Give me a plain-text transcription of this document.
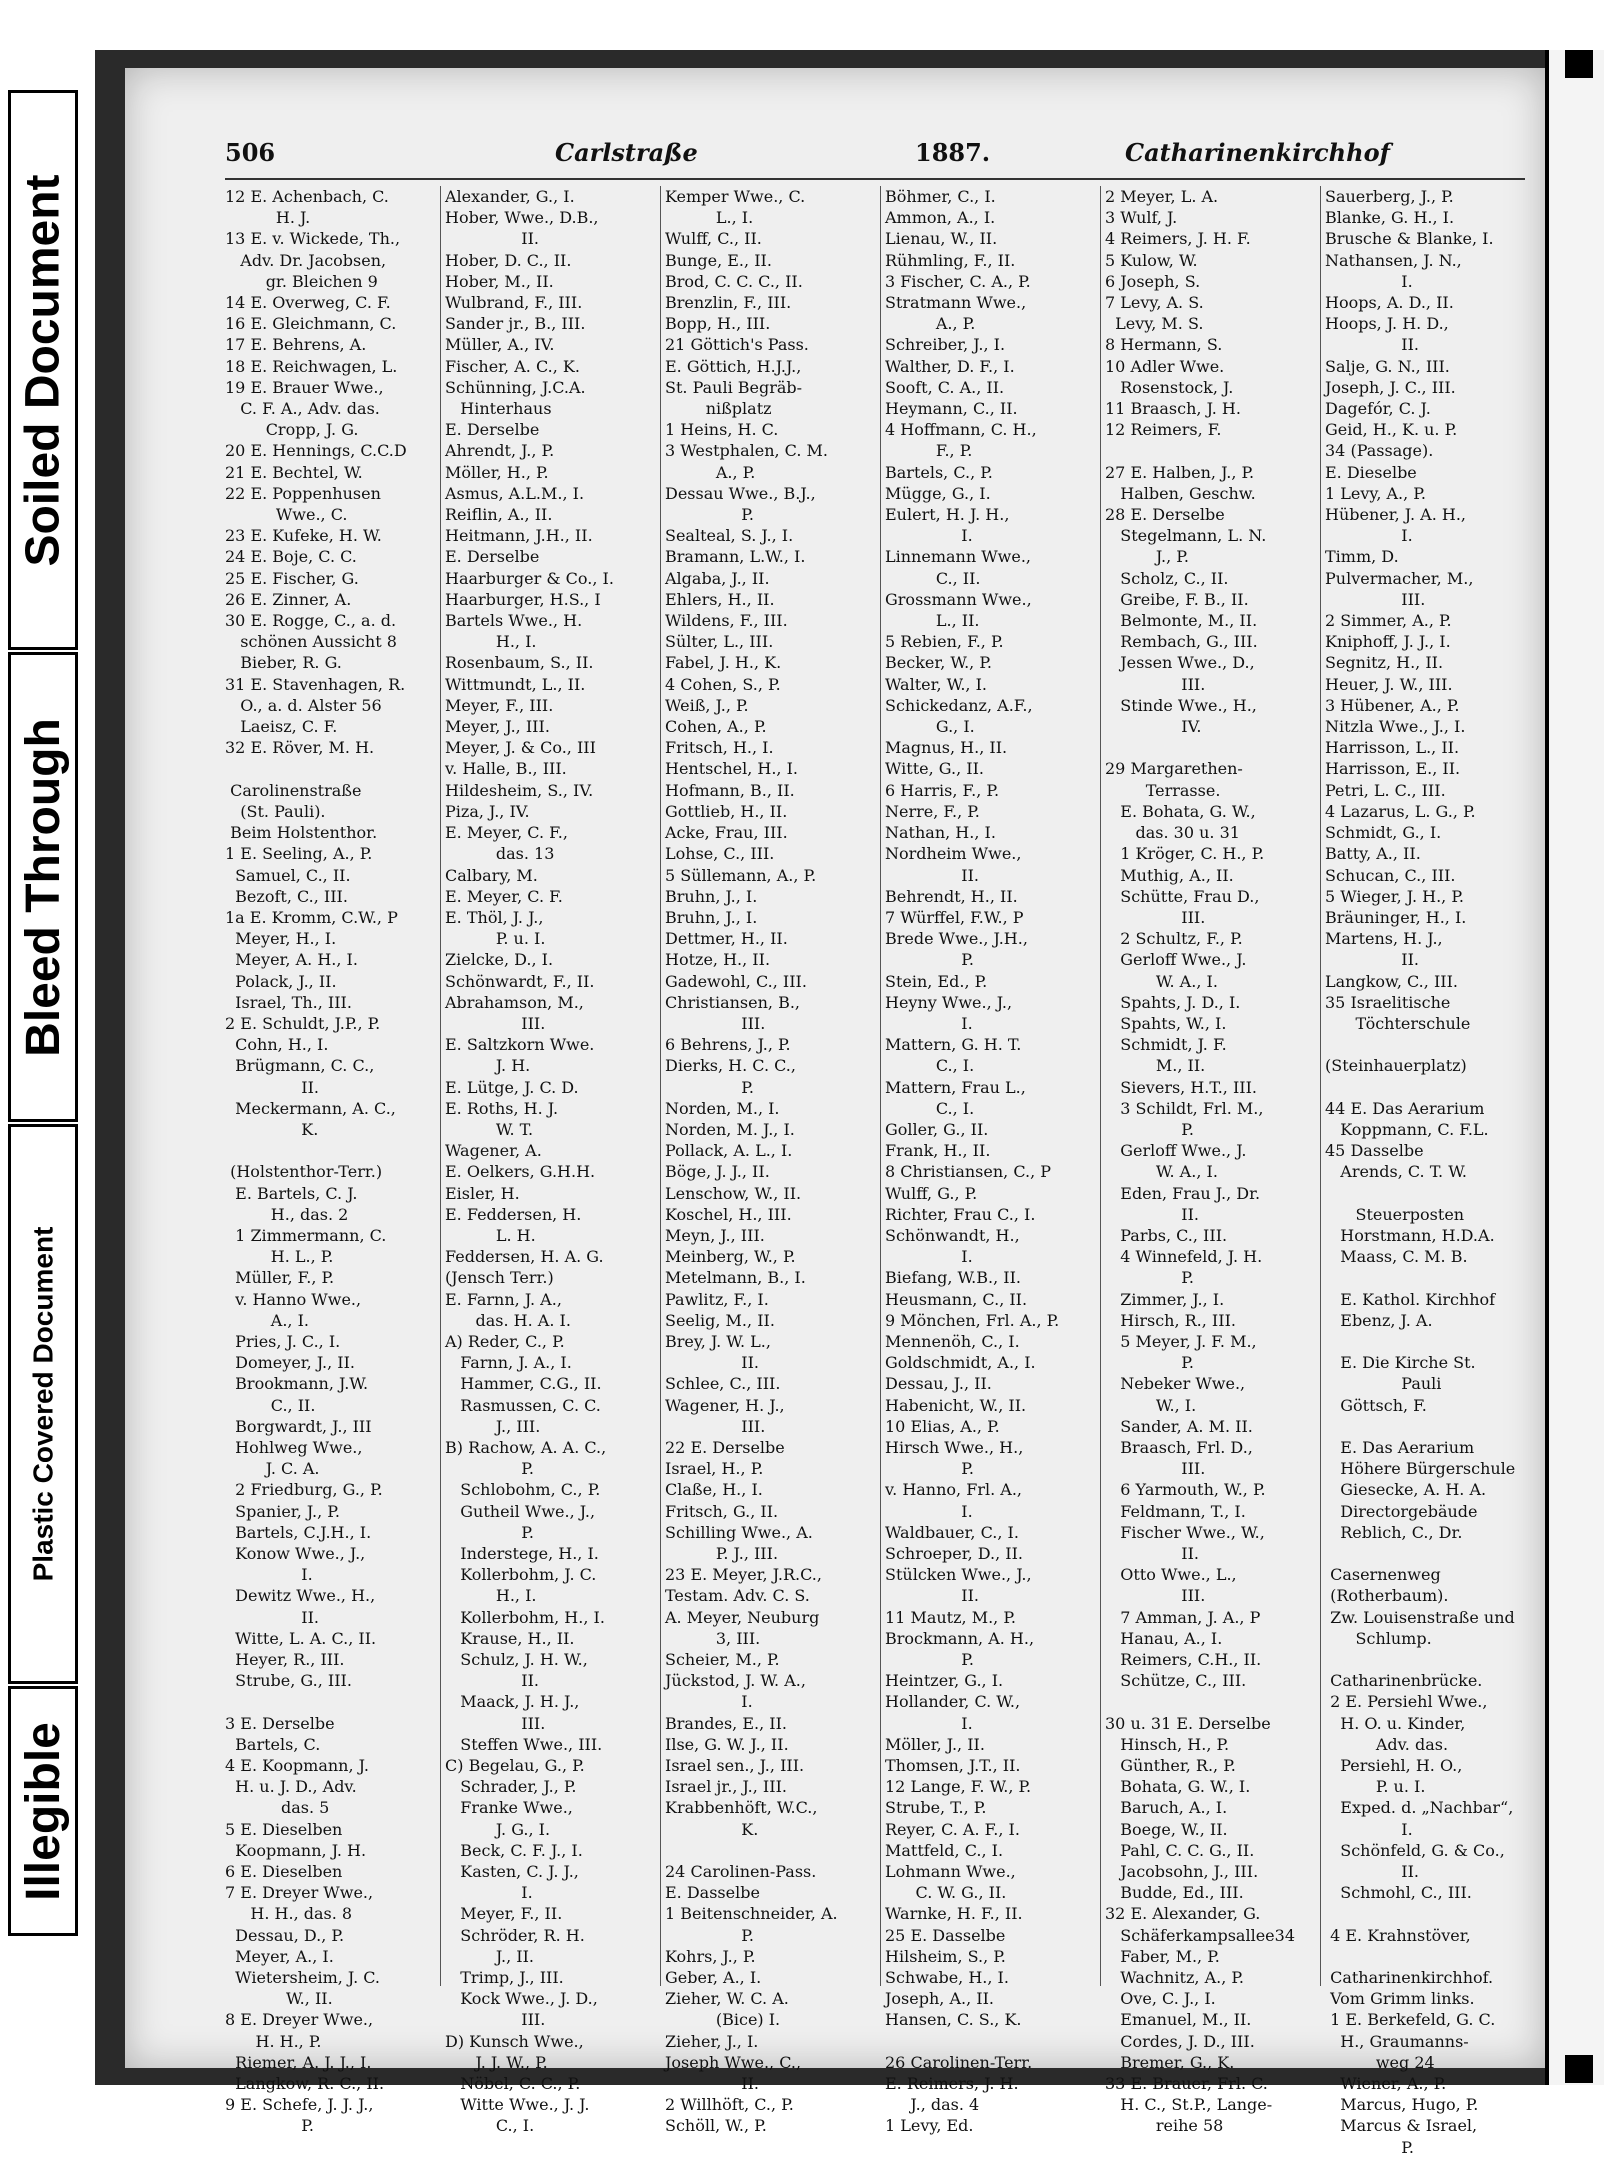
Soiled Document
Bleed Through
Plastic Covered Document
Illegible
506	Carlstraße	1887.	Catharinenkirchhof
12 E. Achenbach, C.
H. J.
13 E. v. Wickede, Th.,
Adv. Dr. Jacobsen,
gr. Bleichen 9
14 E. Overweg, C. F.
16 E. Gleichmann, C.
17 E. Behrens, A.
18 E. Reichwagen, L.
19 E. Brauer Wwe.,
C. F. A., Adv. das.
Cropp, J. G.
20 E. Hennings, C.C.D
21 E. Bechtel, W.
22 E. Poppenhusen
Wwe., C.
23 E. Kufeke, H. W.
24 E. Boje, C. C.
25 E. Fischer, G.
26 E. Zinner, A.
30 E. Rogge, C., a. d.
schönen Aussicht 8
Bieber, R. G.
31 E. Stavenhagen, R.
O., a. d. Alster 56
Laeisz, C. F.
32 E. Röver, M. H.

Carolinenstraße
(St. Pauli).
Beim Holstenthor.
1 E. Seeling, A., P.
Samuel, C., II.
Bezoft, C., III.
1a E. Kromm, C.W., P
Meyer, H., I.
Meyer, A. H., I.
Polack, J., II.
Israel, Th., III.
2 E. Schuldt, J.P., P.
Cohn, H., I.
Brügmann, C. C.,
II.
Meckermann, A. C.,
K.

(Holstenthor-Terr.)
E. Bartels, C. J.
H., das. 2
1 Zimmermann, C.
H. L., P.
Müller, F., P.
v. Hanno Wwe.,
A., I.
Pries, J. C., I.
Domeyer, J., II.
Brookmann, J.W.
C., II.
Borgwardt, J., III
Hohlweg Wwe.,
J. C. A.
2 Friedburg, G., P.
Spanier, J., P.
Bartels, C.J.H., I.
Konow Wwe., J.,
I.
Dewitz Wwe., H.,
II.
Witte, L. A. C., II.
Heyer, R., III.
Strube, G., III.

3 E. Derselbe
Bartels, C.
4 E. Koopmann, J.
H. u. J. D., Adv.
das. 5
5 E. Dieselben
Koopmann, J. H.
6 E. Dieselben
7 E. Dreyer Wwe.,
H. H., das. 8
Dessau, D., P.
Meyer, A., I.
Wietersheim, J. C.
W., II.
8 E. Dreyer Wwe.,
H. H., P.
Riemer, A. J. J., I.
Langkow, R. C., II.
9 E. Schefe, J. J. J.,
P.
Alexander, G., I.
Hober, Wwe., D.B.,
II.
Hober, D. C., II.
Hober, M., II.
Wulbrand, F., III.
Sander jr., B., III.
Müller, A., IV.
Fischer, A. C., K.
Schünning, J.C.A.
Hinterhaus
E. Derselbe
Ahrendt, J., P.
Möller, H., P.
Asmus, A.L.M., I.
Reiflin, A., II.
Heitmann, J.H., II.
E. Derselbe
Haarburger & Co., I.
Haarburger, H.S., I
Bartels Wwe., H.
H., I.
Rosenbaum, S., II.
Wittmundt, L., II.
Meyer, F., III.
Meyer, J., III.
Meyer, J. & Co., III
v. Halle, B., III.
Hildesheim, S., IV.
Piza, J., IV.
E. Meyer, C. F.,
das. 13
Calbary, M.
E. Meyer, C. F.
E. Thöl, J. J.,
P. u. I.
Zielcke, D., I.
Schönwardt, F., II.
Abrahamson, M.,
III.
E. Saltzkorn Wwe.
J. H.
E. Lütge, J. C. D.
E. Roths, H. J.
W. T.
Wagener, A.
E. Oelkers, G.H.H.
Eisler, H.
E. Feddersen, H.
L. H.
Feddersen, H. A. G.
(Jensch Terr.)
E. Farnn, J. A.,
das. H. A. I.
A) Reder, C., P.
Farnn, J. A., I.
Hammer, C.G., II.
Rasmussen, C. C.
J., III.
B) Rachow, A. A. C.,
P.
Schlobohm, C., P.
Gutheil Wwe., J.,
P.
Inderstege, H., I.
Kollerbohm, J. C.
H., I.
Kollerbohm, H., I.
Krause, H., II.
Schulz, J. H. W.,
II.
Maack, J. H. J.,
III.
Steffen Wwe., III.
C) Begelau, G., P.
Schrader, J., P.
Franke Wwe.,
J. G., I.
Beck, C. F. J., I.
Kasten, C. J. J.,
I.
Meyer, F., II.
Schröder, R. H.
J., II.
Trimp, J., III.
Kock Wwe., J. D.,
III.
D) Kunsch Wwe.,
J. J. W., P.
Nöbel, C. C., P.
Witte Wwe., J. J.
C., I.
Kemper Wwe., C.
L., I.
Wulff, C., II.
Bunge, E., II.
Brod, C. C. C., II.
Brenzlin, F., III.
Bopp, H., III.
21 Göttich's Pass.
E. Göttich, H.J.J.,
St. Pauli Begräb-
nißplatz
1 Heins, H. C.
3 Westphalen, C. M.
A., P.
Dessau Wwe., B.J.,
P.
Sealteal, S. J., I.
Bramann, L.W., I.
Algaba, J., II.
Ehlers, H., II.
Wildens, F., III.
Sülter, L., III.
Fabel, J. H., K.
4 Cohen, S., P.
Weiß, J., P.
Cohen, A., P.
Fritsch, H., I.
Hentschel, H., I.
Hofmann, B., II.
Gottlieb, H., II.
Acke, Frau, III.
Lohse, C., III.
5 Süllemann, A., P.
Bruhn, J., I.
Bruhn, J., I.
Dettmer, H., II.
Hotze, H., II.
Gadewohl, C., III.
Christiansen, B.,
III.
6 Behrens, J., P.
Dierks, H. C. C.,
P.
Norden, M., I.
Norden, M. J., I.
Pollack, A. L., I.
Böge, J. J., II.
Lenschow, W., II.
Koschel, H., III.
Meyn, J., III.
Meinberg, W., P.
Metelmann, B., I.
Pawlitz, F., I.
Seelig, M., II.
Brey, J. W. L.,
II.
Schlee, C., III.
Wagener, H. J.,
III.
22 E. Derselbe
Israel, H., P.
Claße, H., I.
Fritsch, G., II.
Schilling Wwe., A.
P. J., III.
23 E. Meyer, J.R.C.,
Testam. Adv. C. S.
A. Meyer, Neuburg
3, III.
Scheier, M., P.
Jückstod, J. W. A.,
I.
Brandes, E., II.
Ilse, G. W. J., II.
Israel sen., J., III.
Israel jr., J., III.
Krabbenhöft, W.C.,
K.

24 Carolinen-Pass.
E. Dasselbe
1 Beitenschneider, A.
P.
Kohrs, J., P.
Geber, A., I.
Zieher, W. C. A.
(Bice) I.
Zieher, J., I.
Joseph Wwe., C.,
II.
2 Willhöft, C., P.
Schöll, W., P.
Böhmer, C., I.
Ammon, A., I.
Lienau, W., II.
Rühmling, F., II.
3 Fischer, C. A., P.
Stratmann Wwe.,
A., P.
Schreiber, J., I.
Walther, D. F., I.
Sooft, C. A., II.
Heymann, C., II.
4 Hoffmann, C. H.,
F., P.
Bartels, C., P.
Mügge, G., I.
Eulert, H. J. H.,
I.
Linnemann Wwe.,
C., II.
Grossmann Wwe.,
L., II.
5 Rebien, F., P.
Becker, W., P.
Walter, W., I.
Schickedanz, A.F.,
G., I.
Magnus, H., II.
Witte, G., II.
6 Harris, F., P.
Nerre, F., P.
Nathan, H., I.
Nordheim Wwe.,
II.
Behrendt, H., II.
7 Würffel, F.W., P
Brede Wwe., J.H.,
P.
Stein, Ed., P.
Heyny Wwe., J.,
I.
Mattern, G. H. T.
C., I.
Mattern, Frau L.,
C., I.
Goller, G., II.
Frank, H., II.
8 Christiansen, C., P
Wulff, G., P.
Richter, Frau C., I.
Schönwandt, H.,
I.
Biefang, W.B., II.
Heusmann, C., II.
9 Mönchen, Frl. A., P.
Mennenöh, C., I.
Goldschmidt, A., I.
Dessau, J., II.
Habenicht, W., II.
10 Elias, A., P.
Hirsch Wwe., H.,
P.
v. Hanno, Frl. A.,
I.
Waldbauer, C., I.
Schroeper, D., II.
Stülcken Wwe., J.,
II.
11 Mautz, M., P.
Brockmann, A. H.,
P.
Heintzer, G., I.
Hollander, C. W.,
I.
Möller, J., II.
Thomsen, J.T., II.
12 Lange, F. W., P.
Strube, T., P.
Reyer, C. A. F., I.
Mattfeld, C., I.
Lohmann Wwe.,
C. W. G., II.
Warnke, H. F., II.
25 E. Dasselbe
Hilsheim, S., P.
Schwabe, H., I.
Joseph, A., II.
Hansen, C. S., K.

26 Carolinen-Terr.
E. Reimers, J. H.
J., das. 4
1 Levy, Ed.
2 Meyer, L. A.
3 Wulf, J.
4 Reimers, J. H. F.
5 Kulow, W.
6 Joseph, S.
7 Levy, A. S.
Levy, M. S.
8 Hermann, S.
10 Adler Wwe.
Rosenstock, J.
11 Braasch, J. H.
12 Reimers, F.

27 E. Halben, J., P.
Halben, Geschw.
28 E. Derselbe
Stegelmann, L. N.
J., P.
Scholz, C., II.
Greibe, F. B., II.
Belmonte, M., II.
Rembach, G., III.
Jessen Wwe., D.,
III.
Stinde Wwe., H.,
IV.

29 Margarethen-
Terrasse.
E. Bohata, G. W.,
das. 30 u. 31
1 Kröger, C. H., P.
Muthig, A., II.
Schütte, Frau D.,
III.
2 Schultz, F., P.
Gerloff Wwe., J.
W. A., I.
Spahts, J. D., I.
Spahts, W., I.
Schmidt, J. F.
M., II.
Sievers, H.T., III.
3 Schildt, Frl. M.,
P.
Gerloff Wwe., J.
W. A., I.
Eden, Frau J., Dr.
II.
Parbs, C., III.
4 Winnefeld, J. H.
P.
Zimmer, J., I.
Hirsch, R., III.
5 Meyer, J. F. M.,
P.
Nebeker Wwe.,
W., I.
Sander, A. M. II.
Braasch, Frl. D.,
III.
6 Yarmouth, W., P.
Feldmann, T., I.
Fischer Wwe., W.,
II.
Otto Wwe., L.,
III.
7 Amman, J. A., P
Hanau, A., I.
Reimers, C.H., II.
Schütze, C., III.

30 u. 31 E. Derselbe
Hinsch, H., P.
Günther, R., P.
Bohata, G. W., I.
Baruch, A., I.
Boege, W., II.
Pahl, C. C. G., II.
Jacobsohn, J., III.
Budde, Ed., III.
32 E. Alexander, G.
Schäferkampsallee34
Faber, M., P.
Wachnitz, A., P.
Ove, C. J., I.
Emanuel, M., II.
Cordes, J. D., III.
Bremer, G., K.
33 E. Brauer, Frl. C.
H. C., St.P., Lange-
reihe 58
Sauerberg, J., P.
Blanke, G. H., I.
Brusche & Blanke, I.
Nathansen, J. N.,
I.
Hoops, A. D., II.
Hoops, J. H. D.,
II.
Salje, G. N., III.
Joseph, J. C., III.
Dagefór, C. J.
Geid, H., K. u. P.
34 (Passage).
E. Dieselbe
1 Levy, A., P.
Hübener, J. A. H.,
I.
Timm, D.
Pulvermacher, M.,
III.
2 Simmer, A., P.
Kniphoff, J. J., I.
Segnitz, H., II.
Heuer, J. W., III.
3 Hübener, A., P.
Nitzla Wwe., J., I.
Harrisson, L., II.
Harrisson, E., II.
Petri, L. C., III.
4 Lazarus, L. G., P.
Schmidt, G., I.
Batty, A., II.
Schucan, C., III.
5 Wieger, J. H., P.
Bräuninger, H., I.
Martens, H. J.,
II.
Langkow, C., III.
35 Israelitische
Töchterschule

(Steinhauerplatz)

44 E. Das Aerarium
Koppmann, C. F.L.
45 Dasselbe
Arends, C. T. W.

Steuerposten
Horstmann, H.D.A.
Maass, C. M. B.

E. Kathol. Kirchhof
Ebenz, J. A.

E. Die Kirche St.
Pauli
Göttsch, F.

E. Das Aerarium
Höhere Bürgerschule
Giesecke, A. H. A.
Directorgebäude
Reblich, C., Dr.

Casernenweg
(Rotherbaum).
Zw. Louisenstraße und
Schlump.

Catharinenbrücke.
2 E. Persiehl Wwe.,
H. O. u. Kinder,
Adv. das.
Persiehl, H. O.,
P. u. I.
Exped. d. „Nachbar“,
I.
Schönfeld, G. & Co.,
II.
Schmohl, C., III.

4 E. Krahnstöver,

Catharinenkirchhof.
Vom Grimm links.
1 E. Berkefeld, G. C.
H., Graumanns-
weg 24
Wiener, A., P.
Marcus, Hugo, P.
Marcus & Israel,
P.
